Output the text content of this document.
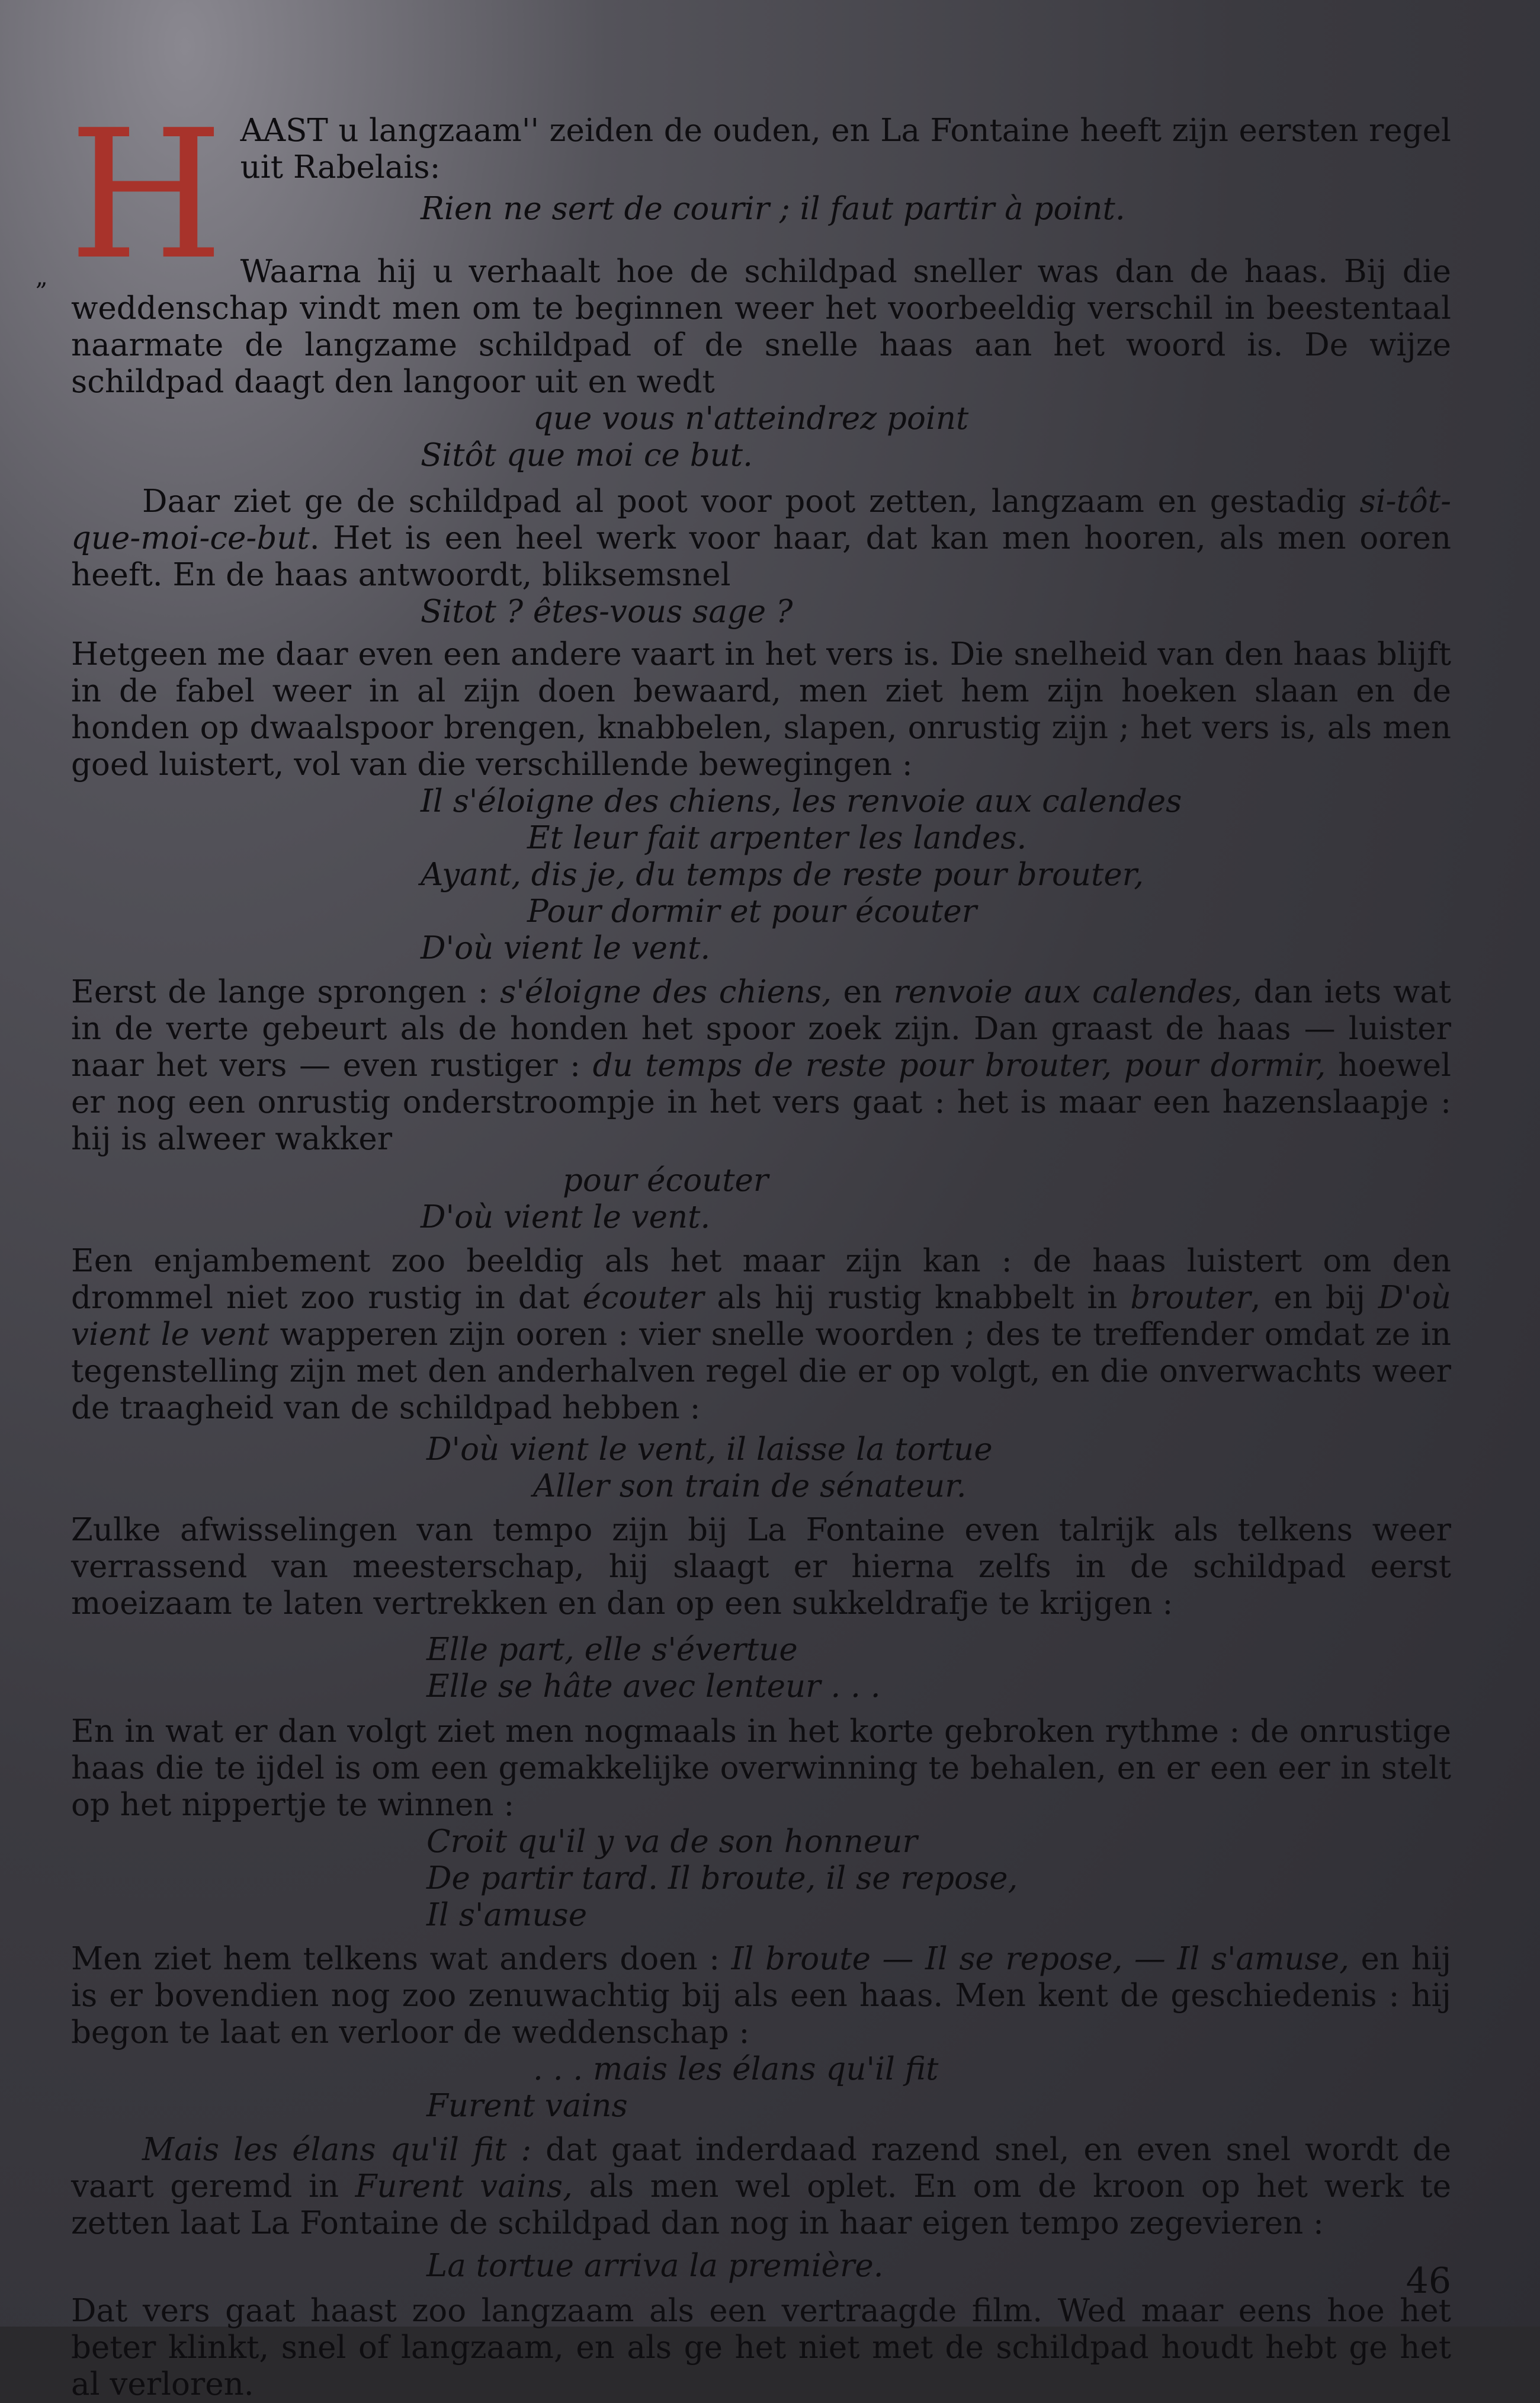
„ H AAST u langzaam'' zeiden de ouden, en La Fontaine heeft zijn eersten regel uit Rabelais:

Rien ne sert de courir ; il faut partir à point.

Waarna hij u verhaalt hoe de schildpad sneller was dan de haas. Bij die weddenschap vindt men om te beginnen weer het voorbeeldig verschil in beestentaal naarmate de langzame schildpad of de snelle haas aan het woord is. De wijze schildpad daagt den langoor uit en wedt

que vous n'atteindrez point
Sitôt que moi ce but.

Daar ziet ge de schildpad al poot voor poot zetten, langzaam en gestadig si-tôt-que-moi-ce-but. Het is een heel werk voor haar, dat kan men hooren, als men ooren heeft. En de haas antwoordt, bliksemsnel

Sitot ? êtes-vous sage ?

Hetgeen me daar even een andere vaart in het vers is. Die snelheid van den haas blijft in de fabel weer in al zijn doen bewaard, men ziet hem zijn hoeken slaan en de honden op dwaalspoor brengen, knabbelen, slapen, onrustig zijn ; het vers is, als men goed luistert, vol van die verschillende bewegingen :

Il s'éloigne des chiens, les renvoie aux calendes
Et leur fait arpenter les landes.
Ayant, dis je, du temps de reste pour brouter,
Pour dormir et pour écouter
D'où vient le vent.

Eerst de lange sprongen : s'éloigne des chiens, en renvoie aux calendes, dan iets wat in de verte gebeurt als de honden het spoor zoek zijn. Dan graast de haas — luister naar het vers — even rustiger : du temps de reste pour brouter, pour dormir, hoewel er nog een onrustig onderstroompje in het vers gaat : het is maar een hazenslaapje : hij is alweer wakker

pour écouter
D'où vient le vent.

Een enjambement zoo beeldig als het maar zijn kan : de haas luistert om den drommel niet zoo rustig in dat écouter als hij rustig knabbelt in brouter, en bij D'où vient le vent wapperen zijn ooren : vier snelle woorden ; des te treffender omdat ze in tegenstelling zijn met den anderhalven regel die er op volgt, en die onverwachts weer de traagheid van de schildpad hebben :

D'où vient le vent, il laisse la tortue
Aller son train de sénateur.

Zulke afwisselingen van tempo zijn bij La Fontaine even talrijk als telkens weer verrassend van meesterschap, hij slaagt er hierna zelfs in de schildpad eerst moeizaam te laten vertrekken en dan op een sukkeldrafje te krijgen :

Elle part, elle s'évertue
Elle se hâte avec lenteur . . .

En in wat er dan volgt ziet men nogmaals in het korte gebroken rythme : de onrustige haas die te ijdel is om een gemakkelijke overwinning te behalen, en er een eer in stelt op het nippertje te winnen :

Croit qu'il y va de son honneur
De partir tard. Il broute, il se repose,
Il s'amuse

Men ziet hem telkens wat anders doen : Il broute — Il se repose, — Il s'amuse, en hij is er bovendien nog zoo zenuwachtig bij als een haas. Men kent de geschiedenis : hij begon te laat en verloor de weddenschap :

. . . mais les élans qu'il fit
Furent vains

Mais les élans qu'il fit : dat gaat inderdaad razend snel, en even snel wordt de vaart geremd in Furent vains, als men wel oplet. En om de kroon op het werk te zetten laat La Fontaine de schildpad dan nog in haar eigen tempo zegevieren :

La tortue arriva la première.

Dat vers gaat haast zoo langzaam als een vertraagde film. Wed maar eens hoe het beter klinkt, snel of langzaam, en als ge het niet met de schildpad houdt hebt ge het al verloren.

46
